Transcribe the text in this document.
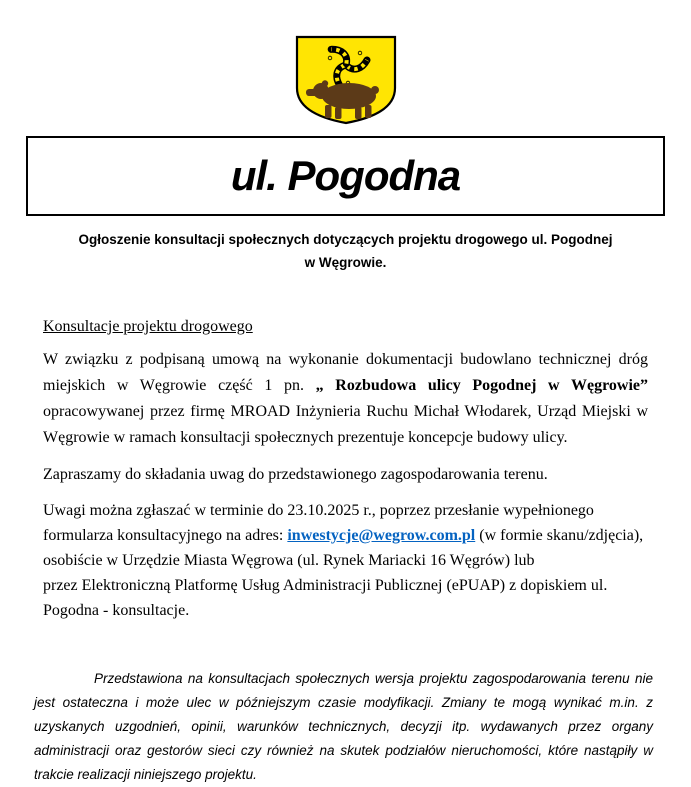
ul. Pogodna
Ogłoszenie konsultacji społecznych dotyczących projektu drogowego ul. Pogodnej
w Węgrowie.
Konsultacje projektu drogowego

W związku z podpisaną umową na wykonanie dokumentacji budowlano technicznej dróg miejskich w Węgrowie część 1 pn. „ Rozbudowa ulicy Pogodnej w Węgrowie” opracowywanej przez firmę MROAD Inżynieria Ruchu Michał Włodarek, Urząd Miejski w Węgrowie w ramach konsultacji społecznych prezentuje koncepcje budowy ulicy.

Zapraszamy do składania uwag do przedstawionego zagospodarowania terenu.

Uwagi można zgłaszać w terminie do 23.10.2025 r., poprzez przesłanie wypełnionego formularza konsultacyjnego na adres: inwestycje@wegrow.com.pl (w formie skanu/zdjęcia), osobiście w Urzędzie Miasta Węgrowa (ul. Rynek Mariacki 16 Węgrów) lub
przez Elektroniczną Platformę Usług Administracji Publicznej (ePUAP) z dopiskiem ul. Pogodna - konsultacje.

Przedstawiona na konsultacjach społecznych wersja projektu zagospodarowania terenu nie jest ostateczna i może ulec w późniejszym czasie modyfikacji. Zmiany te mogą wynikać m.in. z uzyskanych uzgodnień, opinii, warunków technicznych, decyzji itp. wydawanych przez organy administracji oraz gestorów sieci czy również na skutek podziałów nieruchomości, które nastąpiły w trakcie realizacji niniejszego projektu.
